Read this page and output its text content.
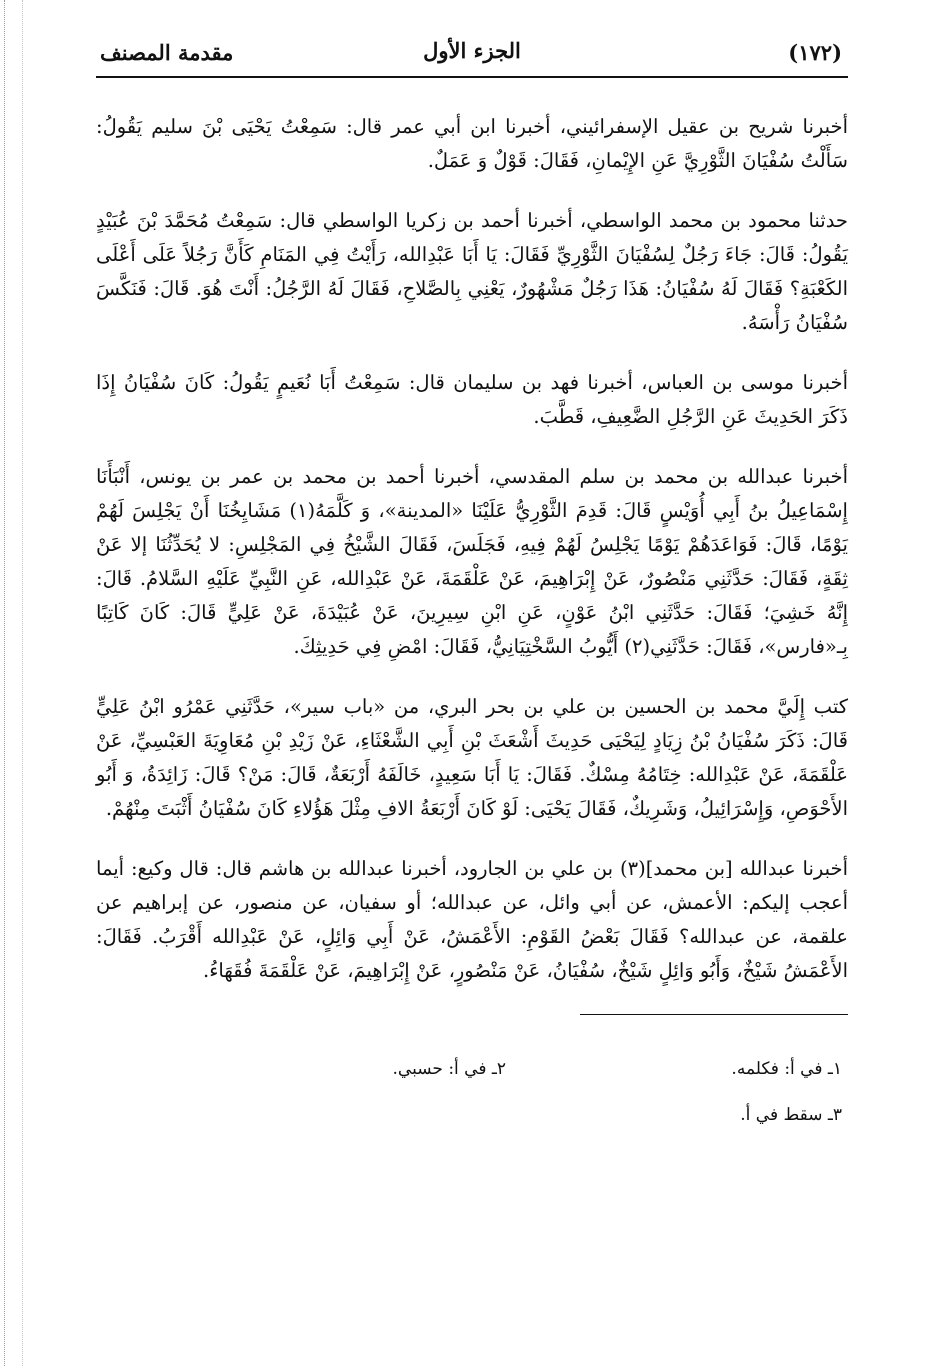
(١٧٢)
الجزء الأول
مقدمة المصنف
أخبرنا شريح بن عقيل الإسفرائيني، أخبرنا ابن أبي عمر قال: سَمِعْتُ يَحْيَى بْنَ سليم يَقُولُ: سَأَلْتُ سُفْيَانَ الثَّوْرِيَّ عَنِ الإِيْمانِ، فَقَالَ: قَوْلٌ وَ عَمَلٌ.
حدثنا محمود بن محمد الواسطي، أخبرنا أحمد بن زكريا الواسطي قال: سَمِعْتُ مُحَمَّدَ بْنَ عُبَيْدٍ يَقُولُ: قَالَ: جَاءَ رَجُلٌ لِسُفْيَانَ الثَّوْرِيِّ فَقَالَ: يَا أَبَا عَبْدِالله، رَأَيْتُ فِي المَنَامِ كَأَنَّ رَجُلاً عَلَى أَعْلَى الكَعْبَةِ؟ فَقَالَ لَهُ سُفْيَانُ: هَذَا رَجُلٌ مَشْهُورٌ، يَعْنِي بِالصَّلاحِ، فَقَالَ لَهُ الرَّجُلُ: أَنْتَ هُوَ. قَالَ: فَنَكَّسَ سُفْيَانُ رَأْسَهُ.
أخبرنا موسى بن العباس، أخبرنا فهد بن سليمان قال: سَمِعْتُ أَبَا نُعَيمٍ يَقُولُ: كَانَ سُفْيَانُ إِذَا ذَكَرَ الحَدِيثَ عَنِ الرَّجُلِ الضَّعِيفِ، قَطَّبَ.
أخبرنا عبدالله بن محمد بن سلم المقدسي، أخبرنا أحمد بن محمد بن عمر بن يونس، أَنْبَأَنَا إِسْمَاعِيلُ بنُ أَبِي أُوَيْسٍ قَالَ: قَدِمَ الثَّوْرِيُّ عَلَيْنَا «المدينة»، وَ كَلَّمَهُ(١) مَشَايِخُنَا أَنْ يَجْلِسَ لَهُمْ يَوْمًا، قَالَ: فَوَاعَدَهُمْ يَوْمًا يَجْلِسُ لَهُمْ فِيهِ، فَجَلَسَ، فَقَالَ الشَّيْخُ فِي المَجْلِسِ: لا يُحَدِّثُنَا إلا عَنْ ثِقَةٍ، فَقَالَ: حَدَّثَنِي مَنْصُورٌ، عَنْ إِبْرَاهِيمَ، عَنْ عَلْقَمَةَ، عَنْ عَبْدِالله، عَنِ النَّبِيِّ عَلَيْهِ السَّلامُ. قَالَ: إِنَّهُ خَشِيَ؛ فَقَالَ: حَدَّثَنِي ابْنُ عَوْنٍ، عَنِ ابْنِ سِيرِينَ، عَنْ عُبَيْدَةَ، عَنْ عَلِيٍّ قَالَ: كَانَ كَاتِبًا بِـ«فارس»، فَقَالَ: حَدَّثَنِي(٢) أَيُّوبُ السَّخْتِيَانِيُّ، فَقَالَ: امْضِ فِي حَدِيثِكَ.
كتب إِلَيَّ محمد بن الحسين بن علي بن بحر البري، من «باب سير»، حَدَّثَنِي عَمْرُو ابْنُ عَلِيٍّ قَالَ: ذَكَرَ سُفْيَانُ بْنُ زِيَادٍ لِيَحْيَى حَدِيثَ أَشْعَثَ بْنِ أَبِي الشَّعْثَاءِ، عَنْ زَيْدِ بْنِ مُعَاوِيَةَ العَبْسِيِّ، عَنْ عَلْقَمَةَ، عَنْ عَبْدِالله: خِتَامُهُ مِسْكٌ. فَقَالَ: يَا أَبَا سَعِيدٍ، خَالَفَهُ أَرْبَعَةٌ، قَالَ: مَنْ؟ قَالَ: زَائِدَةُ، وَ أَبُو الأَحْوَصِ، وَإِسْرَائِيلُ، وَشَرِيكٌ، فَقَالَ يَحْيَى: لَوْ كَانَ أَرْبَعَةُ الافِ مِثْلَ هَؤُلاءِ كَانَ سُفْيَانُ أَثْبَتَ مِنْهُمْ.
أخبرنا عبدالله [بن محمد](٣) بن علي بن الجارود، أخبرنا عبدالله بن هاشم قال: قال وكيع: أيما أعجب إليكم: الأعمش، عن أبي وائل، عن عبدالله؛ أو سفيان، عن منصور، عن إبراهيم عن علقمة، عن عبدالله؟ فَقَالَ بَعْضُ القَوْمِ: الأَعْمَشُ، عَنْ أَبِي وَائِلٍ، عَنْ عَبْدِالله أَقْرَبُ. فَقَالَ: الأَعْمَشُ شَيْخٌ، وَأَبُو وَائِلٍ شَيْخٌ، سُفْيَانُ، عَنْ مَنْصُورٍ، عَنْ إِبْرَاهِيمَ، عَنْ عَلْقَمَةَ فُقَهَاءُ.
١ـ في أ: فكلمه.
٢ـ في أ: حسبي.
٣ـ سقط في أ.
